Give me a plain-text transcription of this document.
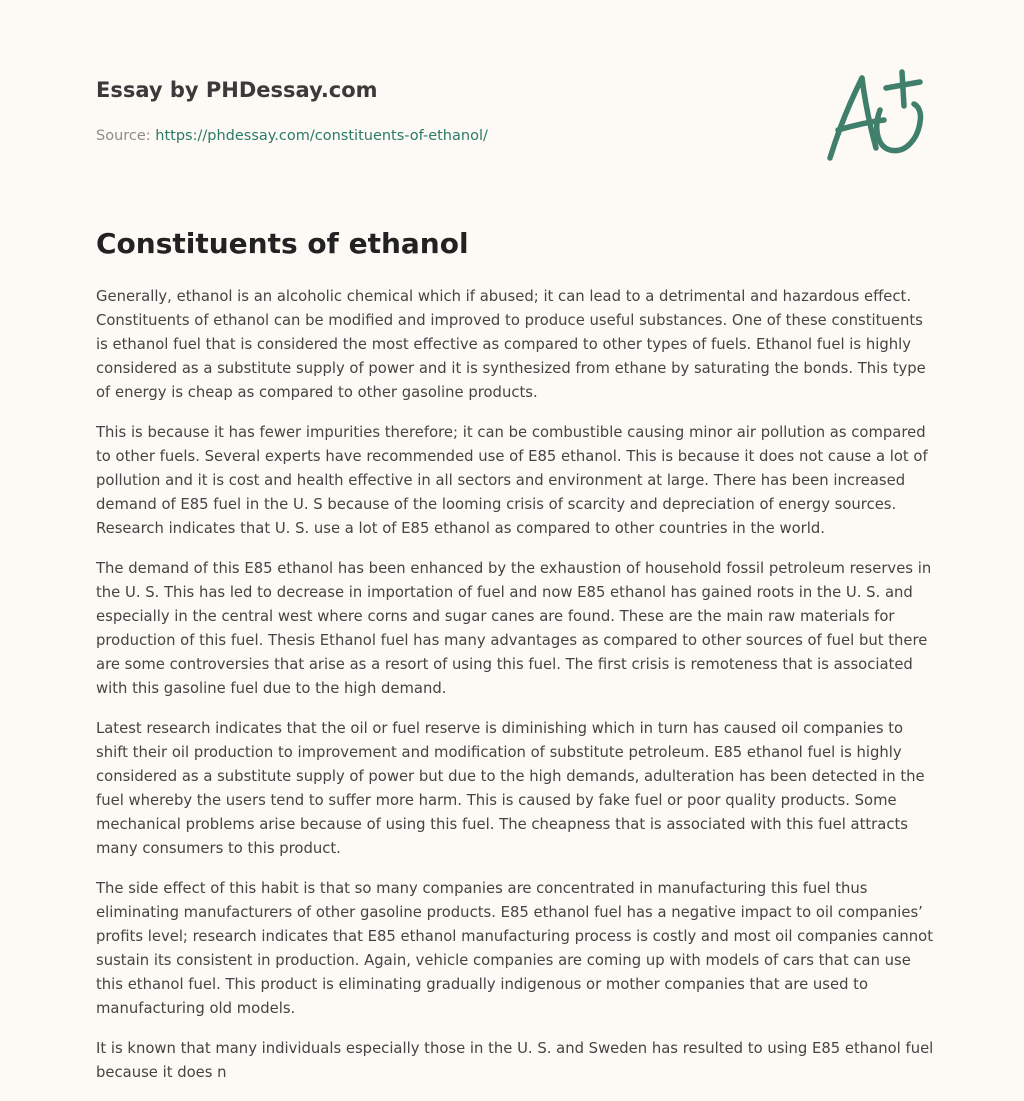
Essay by PHDessay.com
Source: https://phdessay.com/constituents-of-ethanol/
Constituents of ethanol

Generally, ethanol is an alcoholic chemical which if abused; it can lead to a detrimental and hazardous effect. Constituents of ethanol can be modified and improved to produce useful substances. One of these constituents is ethanol fuel that is considered the most effective as compared to other types of fuels. Ethanol fuel is highly considered as a substitute supply of power and it is synthesized from ethane by saturating the bonds. This type of energy is cheap as compared to other gasoline products.

This is because it has fewer impurities therefore; it can be combustible causing minor air pollution as compared to other fuels. Several experts have recommended use of E85 ethanol. This is because it does not cause a lot of pollution and it is cost and health effective in all sectors and environment at large. There has been increased demand of E85 fuel in the U. S because of the looming crisis of scarcity and depreciation of energy sources. Research indicates that U. S. use a lot of E85 ethanol as compared to other countries in the world.

The demand of this E85 ethanol has been enhanced by the exhaustion of household fossil petroleum reserves in the U. S. This has led to decrease in importation of fuel and now E85 ethanol has gained roots in the U. S. and especially in the central west where corns and sugar canes are found. These are the main raw materials for production of this fuel. Thesis Ethanol fuel has many advantages as compared to other sources of fuel but there are some controversies that arise as a resort of using this fuel. The first crisis is remoteness that is associated with this gasoline fuel due to the high demand.

Latest research indicates that the oil or fuel reserve is diminishing which in turn has caused oil companies to shift their oil production to improvement and modification of substitute petroleum. E85 ethanol fuel is highly considered as a substitute supply of power but due to the high demands, adulteration has been detected in the fuel whereby the users tend to suffer more harm. This is caused by fake fuel or poor quality products. Some mechanical problems arise because of using this fuel. The cheapness that is associated with this fuel attracts many consumers to this product.

The side effect of this habit is that so many companies are concentrated in manufacturing this fuel thus eliminating manufacturers of other gasoline products. E85 ethanol fuel has a negative impact to oil companies’ profits level; research indicates that E85 ethanol manufacturing process is costly and most oil companies cannot sustain its consistent in production. Again, vehicle companies are coming up with models of cars that can use this ethanol fuel. This product is eliminating gradually indigenous or mother companies that are used to manufacturing old models.

It is known that many individuals especially those in the U. S. and Sweden has resulted to using E85 ethanol fuel because it does n
